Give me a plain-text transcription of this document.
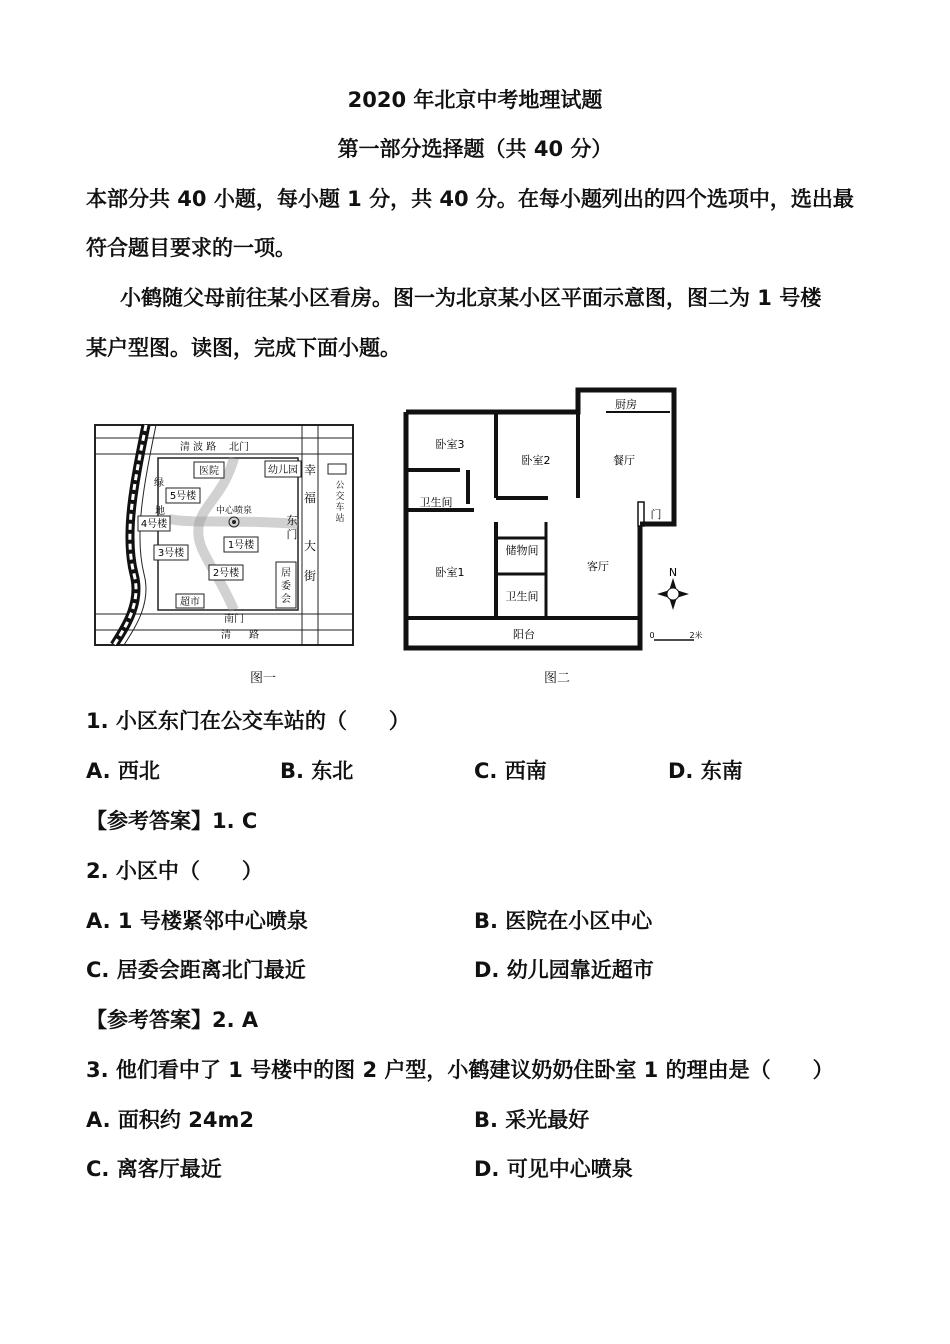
2020 年北京中考地理试题
第一部分选择题（共 40 分）
本部分共 40 小题，每小题 1 分，共 40 分。在每小题列出的四个选项中，选出最
符合题目要求的一项。
小鹤随父母前往某小区看房。图一为北京某小区平面示意图，图二为 1 号楼
某户型图。读图，完成下面小题。
医院	幼儿园
5号楼
4号楼
3号楼
1号楼
2号楼
超市
居
委
会
中心喷泉
绿
地
清 波 路 北门
南门
清 路
东
门
幸
福
大
街
公
交
车
站
图一
厨房
卧室3
卧室2	餐厅
卫生间
门
储物间
卧室1	客厅
卫生间
阳台
N
0	2米
图二
1. 小区东门在公交车站的（　　）
A. 西北	B. 东北	C. 西南	D. 东南
【参考答案】1. C
2. 小区中（　　）
A. 1 号楼紧邻中心喷泉	B. 医院在小区中心
C. 居委会距离北门最近	D. 幼儿园靠近超市
【参考答案】2. A
3. 他们看中了 1 号楼中的图 2 户型，小鹤建议奶奶住卧室 1 的理由是（　　）
A. 面积约 24m2	B. 采光最好
C. 离客厅最近	D. 可见中心喷泉
